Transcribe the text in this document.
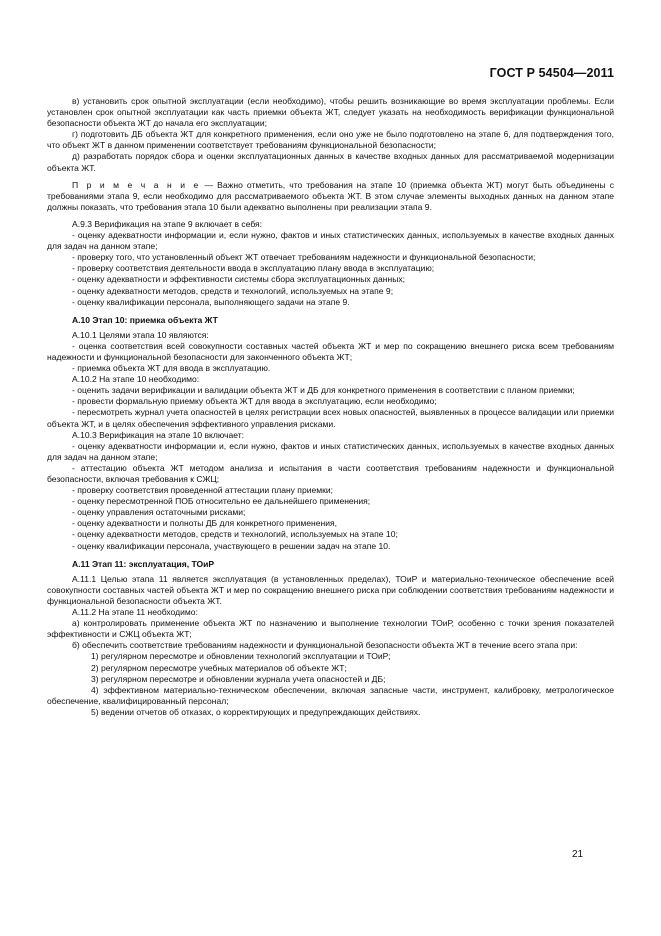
ГОСТ Р 54504—2011

в) установить срок опытной эксплуатации (если необходимо), чтобы решить возникающие во время эксплуатации проблемы. Если установлен срок опытной эксплуатации как часть приемки объекта ЖТ, следует указать на необходимость верификации функциональной безопасности объекта ЖТ до начала его эксплуатации;

г) подготовить ДБ объекта ЖТ для конкретного применения, если оно уже не было подготовлено на этапе 6, для подтверждения того, что объект ЖТ в данном применении соответствует требованиям функциональной безопасности;

д) разработать порядок сбора и оценки эксплуатационных данных в качестве входных данных для рассматриваемой модернизации объекта ЖТ.

П р и м е ч а н и е — Важно отметить, что требования на этапе 10 (приемка объекта ЖТ) могут быть объединены с требованиями этапа 9, если необходимо для рассматриваемого объекта ЖТ. В этом случае элементы выходных данных на данном этапе должны показать, что требования этапа 10 были адекватно выполнены при реализации этапа 9.

А.9.3 Верификация на этапе 9 включает в себя:

- оценку адекватности информации и, если нужно, фактов и иных статистических данных, используемых в качестве входных данных для задач на данном этапе;

- проверку того, что установленный объект ЖТ отвечает требованиям надежности и функциональной безопасности;

- проверку соответствия деятельности ввода в эксплуатацию плану ввода в эксплуатацию;

- оценку адекватности и эффективности системы сбора эксплуатационных данных;

- оценку адекватности методов, средств и технологий, используемых на этапе 9;

- оценку квалификации персонала, выполняющего задачи на этапе 9.

А.10 Этап 10: приемка объекта ЖТ

А.10.1 Целями этапа 10 являются:

- оценка соответствия всей совокупности составных частей объекта ЖТ и мер по сокращению внешнего риска всем требованиям надежности и функциональной безопасности для законченного объекта ЖТ;

- приемка объекта ЖТ для ввода в эксплуатацию.

А.10.2 На этапе 10 необходимо:

- оценить задачи верификации и валидации объекта ЖТ и ДБ для конкретного применения в соответствии с планом приемки;

- провести формальную приемку объекта ЖТ для ввода в эксплуатацию, если необходимо;

- пересмотреть журнал учета опасностей в целях регистрации всех новых опасностей, выявленных в процессе валидации или приемки объекта ЖТ, и в целях обеспечения эффективного управления рисками.

А.10.3 Верификация на этапе 10 включает:

- оценку адекватности информации и, если нужно, фактов и иных статистических данных, используемых в качестве входных данных для задач на данном этапе;

- аттестацию объекта ЖТ методом анализа и испытания в части соответствия требованиям надежности и функциональной безопасности, включая требования к СЖЦ;

- проверку соответствия проведенной аттестации плану приемки;

- оценку пересмотренной ПОБ относительно ее дальнейшего применения;

- оценку управления остаточными рисками;

- оценку адекватности и полноты ДБ для конкретного применения,

- оценку адекватности методов, средств и технологий, используемых на этапе 10;

- оценку квалификации персонала, участвующего в решении задач на этапе 10.

А.11 Этап 11: эксплуатация, ТОиР

А.11.1 Целью этапа 11 является эксплуатация (в установленных пределах), ТОиР и материально-техническое обеспечение всей совокупности составных частей объекта ЖТ и мер по сокращению внешнего риска при соблюдении соответствия требованиям надежности и функциональной безопасности объекта ЖТ.

А.11.2 На этапе 11 необходимо:

а) контролировать применение объекта ЖТ по назначению и выполнение технологии ТОиР, особенно с точки зрения показателей эффективности и СЖЦ объекта ЖТ;

б) обеспечить соответствие требованиям надежности и функциональной безопасности объекта ЖТ в течение всего этапа при:

1) регулярном пересмотре и обновлении технологий эксплуатации и ТОиР;

2) регулярном пересмотре учебных материалов об объекте ЖТ;

3) регулярном пересмотре и обновлении журнала учета опасностей и ДБ;

4) эффективном материально-техническом обеспечении, включая запасные части, инструмент, калибровку, метрологическое обеспечение, квалифицированный персонал;

5) ведении отчетов об отказах, о корректирующих и предупреждающих действиях.

21
